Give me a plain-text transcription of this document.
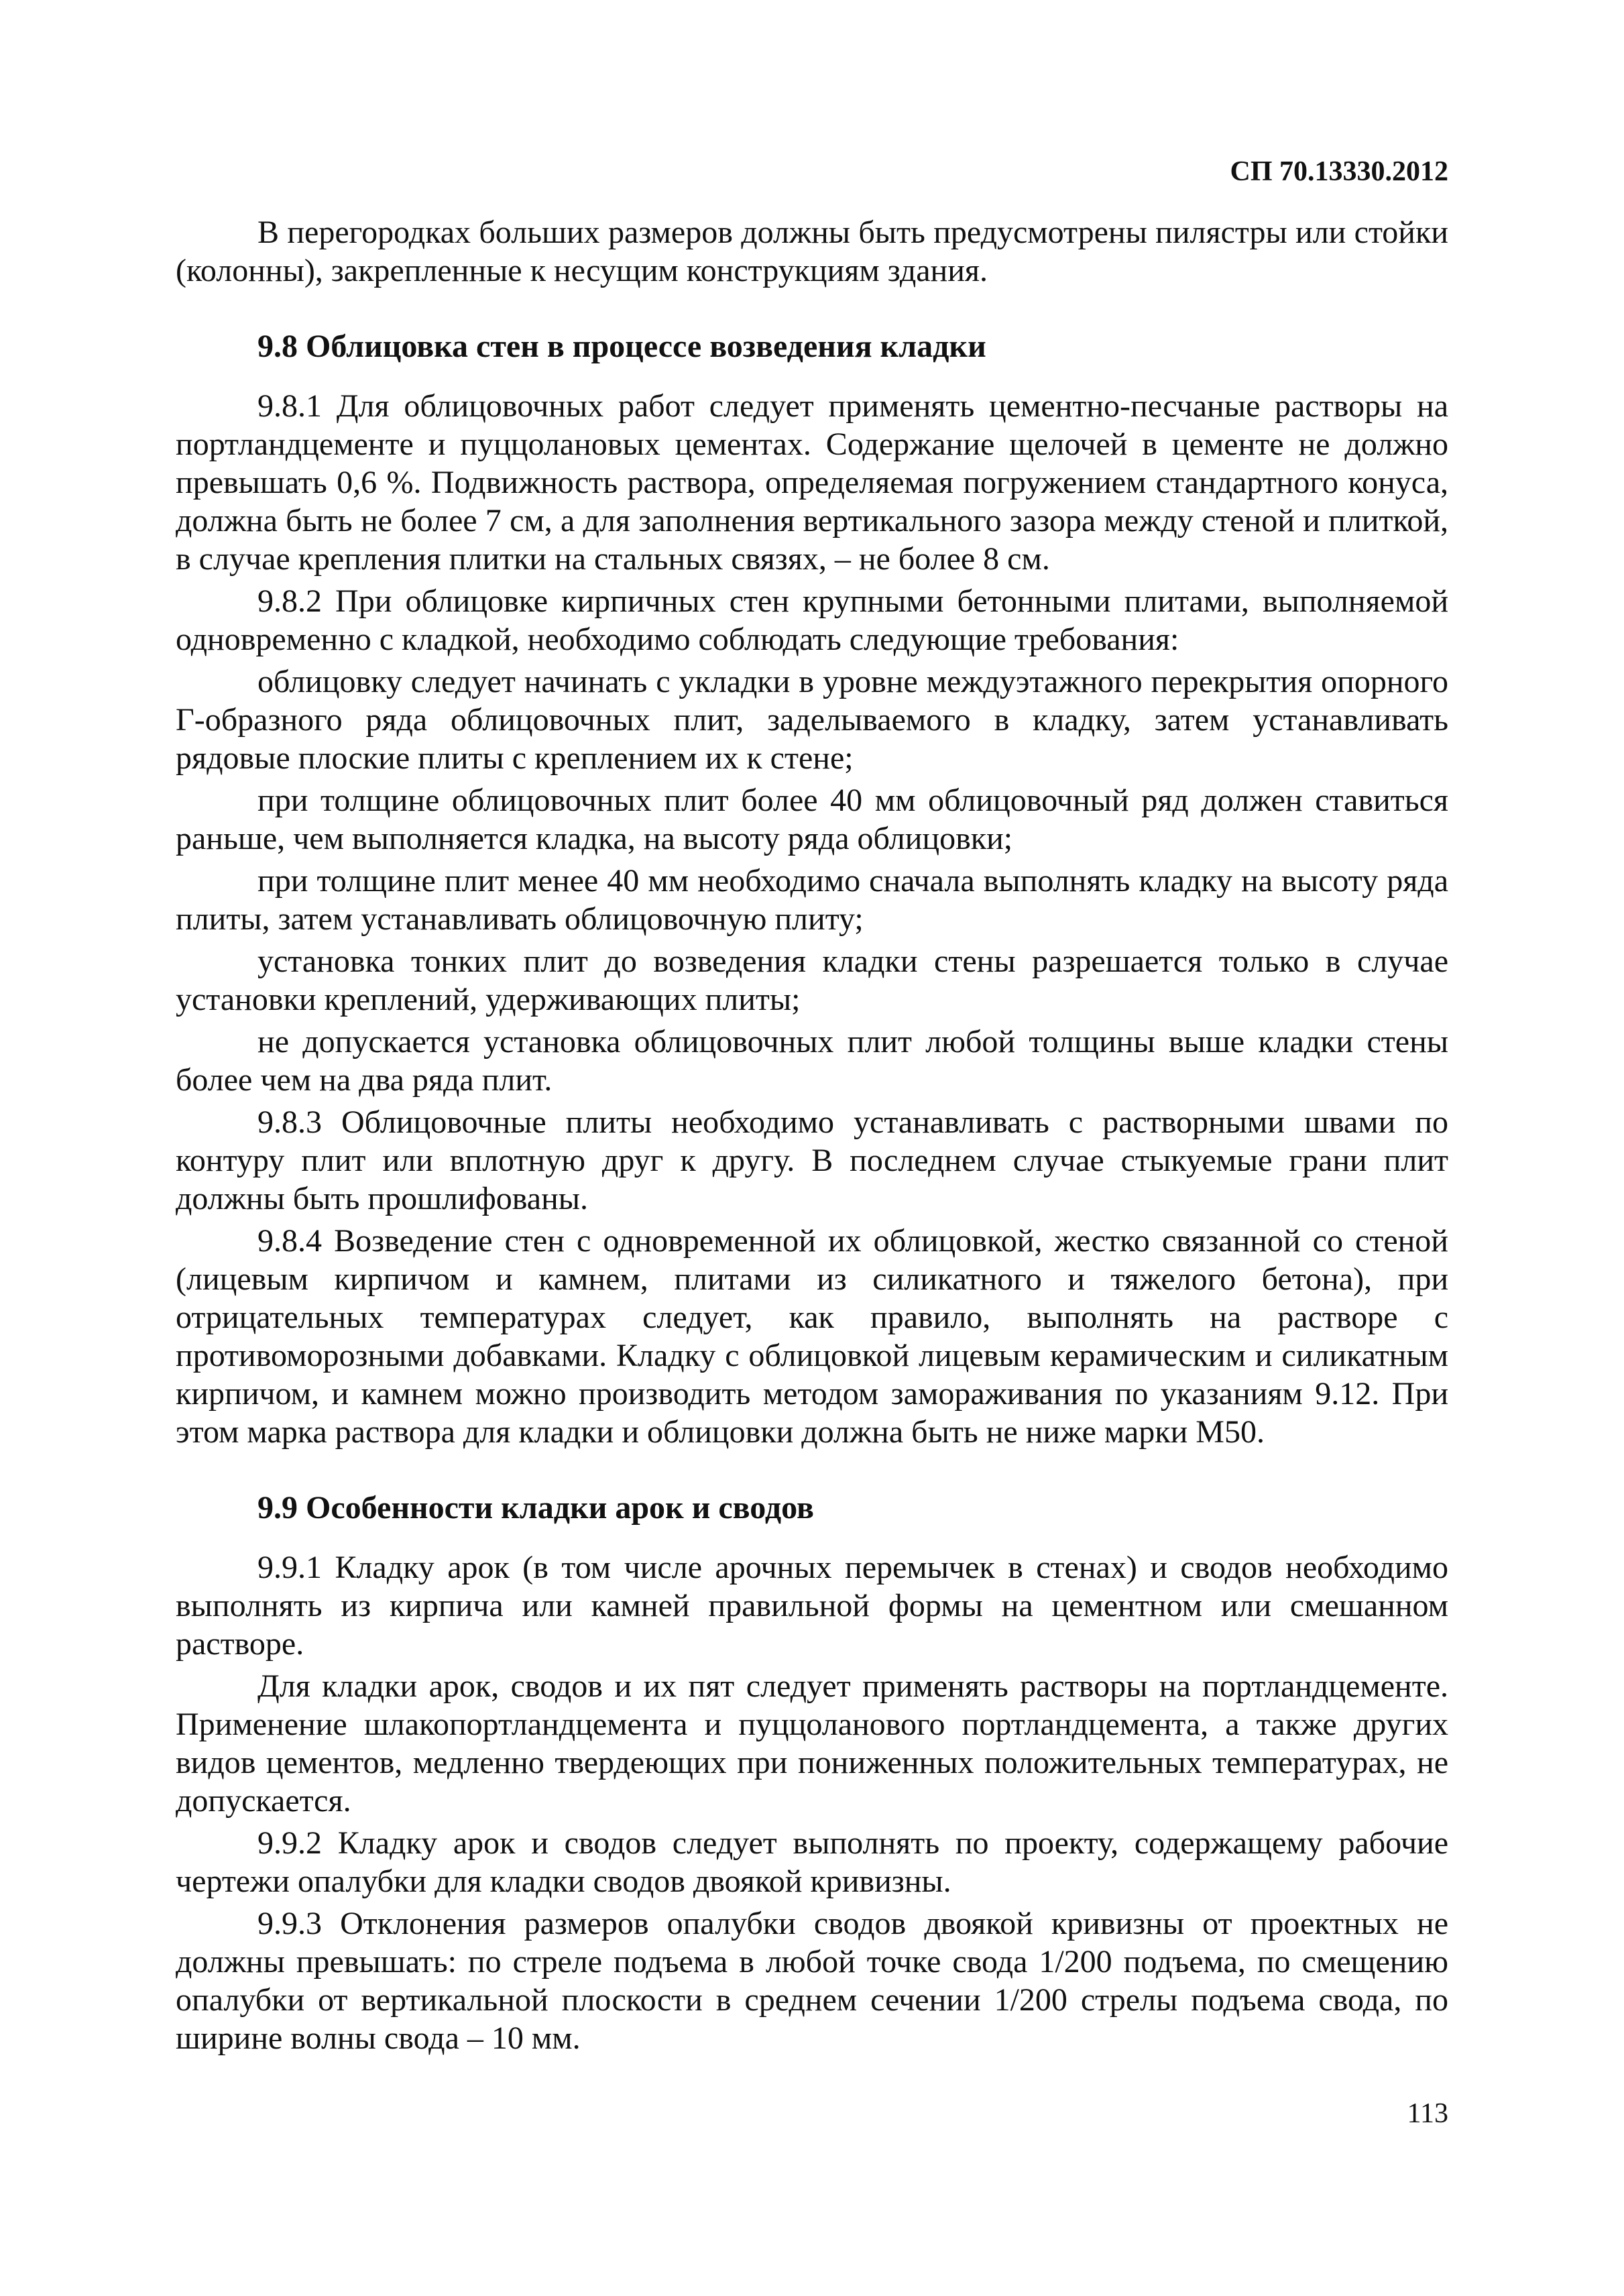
СП 70.13330.2012

В перегородках больших размеров должны быть предусмотрены пилястры или стойки (колонны), закрепленные к несущим конструкциям здания.

9.8 Облицовка стен в процессе возведения кладки

9.8.1 Для облицовочных работ следует применять цементно-песчаные растворы на портландцементе и пуццолановых цементах. Содержание щелочей в цементе не должно превышать 0,6 %. Подвижность раствора, определяемая погружением стандартного конуса, должна быть не более 7 см, а для заполнения вертикального зазора между стеной и плиткой, в случае крепления плитки на стальных связях, – не более 8 см.

9.8.2 При облицовке кирпичных стен крупными бетонными плитами, выполняемой одновременно с кладкой, необходимо соблюдать следующие требования:

облицовку следует начинать с укладки в уровне междуэтажного перекрытия опорного Г-образного ряда облицовочных плит, заделываемого в кладку, затем устанавливать рядовые плоские плиты с креплением их к стене;

при толщине облицовочных плит более 40 мм облицовочный ряд должен ставиться раньше, чем выполняется кладка, на высоту ряда облицовки;

при толщине плит менее 40 мм необходимо сначала выполнять кладку на высоту ряда плиты, затем устанавливать облицовочную плиту;

установка тонких плит до возведения кладки стены разрешается только в случае установки креплений, удерживающих плиты;

не допускается установка облицовочных плит любой толщины выше кладки стены более чем на два ряда плит.

9.8.3 Облицовочные плиты необходимо устанавливать с растворными швами по контуру плит или вплотную друг к другу. В последнем случае стыкуемые грани плит должны быть прошлифованы.

9.8.4 Возведение стен с одновременной их облицовкой, жестко связанной со стеной (лицевым кирпичом и камнем, плитами из силикатного и тяжелого бетона), при отрицательных температурах следует, как правило, выполнять на растворе с противоморозными добавками. Кладку с облицовкой лицевым керамическим и силикатным кирпичом, и камнем можно производить методом замораживания по указаниям 9.12. При этом марка раствора для кладки и облицовки должна быть не ниже марки М50.

9.9 Особенности кладки арок и сводов

9.9.1 Кладку арок (в том числе арочных перемычек в стенах) и сводов необходимо выполнять из кирпича или камней правильной формы на цементном или смешанном растворе.

Для кладки арок, сводов и их пят следует применять растворы на портландцементе. Применение шлакопортландцемента и пуццоланового портландцемента, а также других видов цементов, медленно твердеющих при пониженных положительных температурах, не допускается.

9.9.2 Кладку арок и сводов следует выполнять по проекту, содержащему рабочие чертежи опалубки для кладки сводов двоякой кривизны.

9.9.3 Отклонения размеров опалубки сводов двоякой кривизны от проектных не должны превышать: по стреле подъема в любой точке свода 1/200 подъема, по смещению опалубки от вертикальной плоскости в среднем сечении 1/200 стрелы подъема свода, по ширине волны свода – 10 мм.

113
